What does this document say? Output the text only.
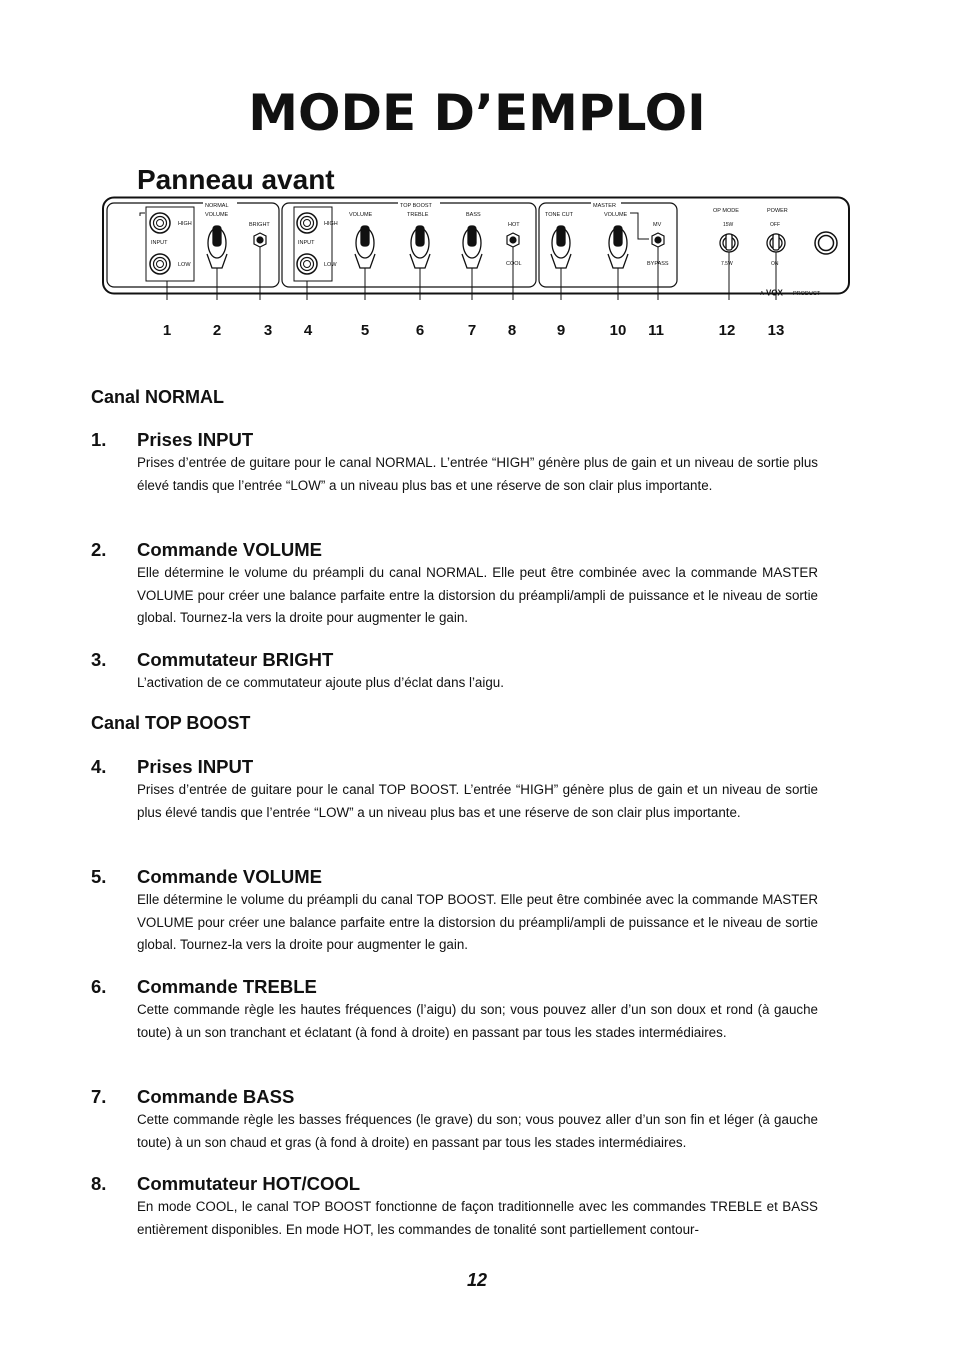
MODE D’EMPLOI
Panneau avant
HIGH
INPUT
LOW
NORMAL
VOLUME
BRIGHT	HIGH
INPUT
LOW
TOP BOOST
VOLUME	TREBLE	BASS
HOT
COOL
MASTER
TONE CUT	VOLUME
MV
BYPASS
OP MODE
15W
7.5W
POWER
OFF
ON
A VOX PRODUCT
1	2	3 4	5	6	7 8	9	10 11	12 13
Canal NORMAL
1. Prises INPUT

Prises d’entrée de guitare pour le canal NORMAL. L’entrée “HIGH” génère plus de gain et un niveau de sortie plus élevé tandis que l’entrée “LOW” a un niveau plus bas et une réserve de son clair plus importante.

2. Commande VOLUME

Elle détermine le volume du préampli du canal NORMAL. Elle peut être combinée avec la commande MASTER VOLUME pour créer une balance parfaite entre la distorsion du préampli/ampli de puissance et le niveau de sortie global. Tournez-la vers la droite pour augmenter le gain.

3. Commutateur BRIGHT

L’activation de ce commutateur ajoute plus d’éclat dans l’aigu.

Canal TOP BOOST
4. Prises INPUT

Prises d’entrée de guitare pour le canal TOP BOOST. L’entrée “HIGH” génère plus de gain et un niveau de sortie plus élevé tandis que l’entrée “LOW” a un niveau plus bas et une réserve de son clair plus importante.

5. Commande VOLUME

Elle détermine le volume du préampli du canal TOP BOOST. Elle peut être combinée avec la commande MASTER VOLUME pour créer une balance parfaite entre la distorsion du préampli/ampli de puissance et le niveau de sortie global. Tournez-la vers la droite pour augmenter le gain.

6. Commande TREBLE

Cette commande règle les hautes fréquences (l’aigu) du son; vous pouvez aller d’un son doux et rond (à gauche toute) à un son tranchant et éclatant (à fond à droite) en passant par tous les stades intermédiaires.

7. Commande BASS

Cette commande règle les basses fréquences (le grave) du son; vous pouvez aller d’un son fin et léger (à gauche toute) à un son chaud et gras (à fond à droite) en passant par tous les stades intermédiaires.

8. Commutateur HOT/COOL

En mode COOL, le canal TOP BOOST fonctionne de façon traditionnelle avec les commandes TREBLE et BASS entièrement disponibles. En mode HOT, les commandes de tonalité sont partiellement contour-

12
